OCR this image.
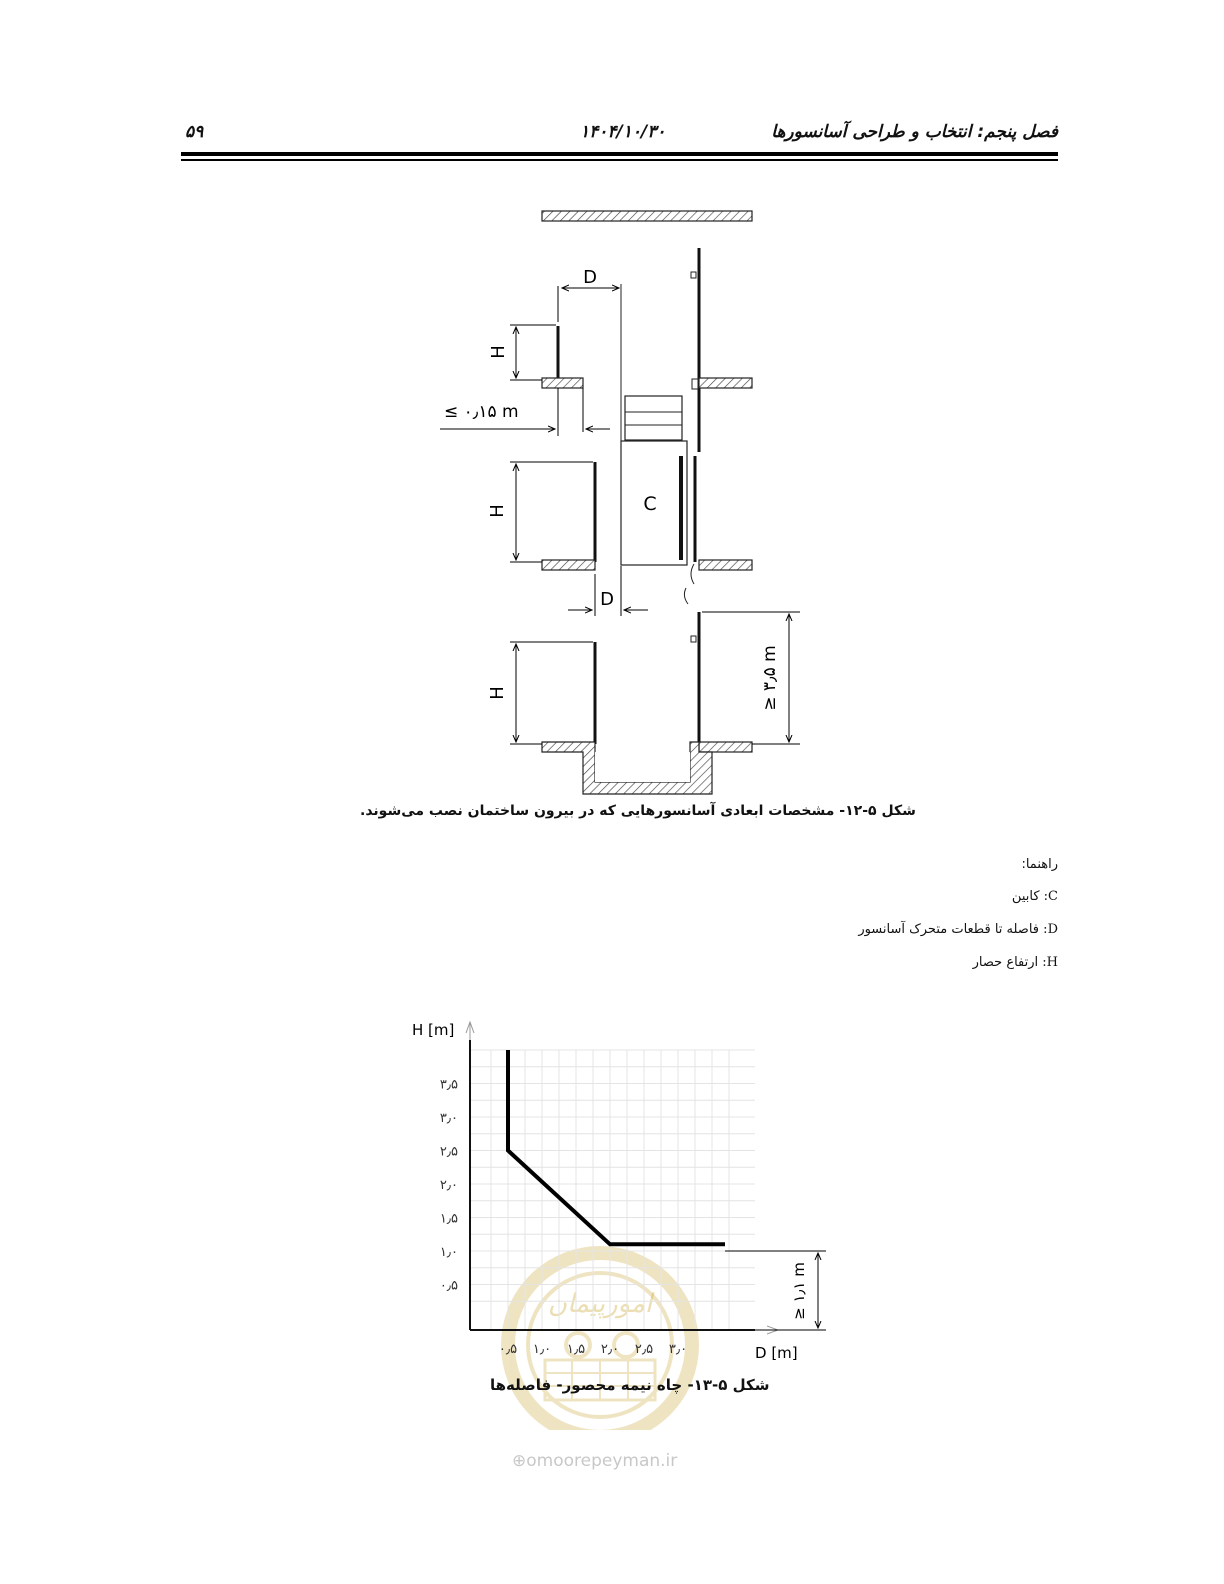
فصل پنجم: انتخاب و طراحی آسانسورها
۱۴۰۴/۱۰/۳۰
۵۹
D
H
≤ ۰٫۱۵ m
H	C
D
H	≥ ۳٫۵ m
شکل ۵-۱۲- مشخصات ابعادی آسانسورهایی که در بیرون ساختمان نصب می‌شوند.
راهنما:
C: کابین
D: فاصله تا قطعات متحرک آسانسور
H: ارتفاع حصار
امورپیمان
۰٫۵
۱٫۰
۱٫۵
۲٫۰
۲٫۵
۳٫۰
۳٫۵
۰٫۵ ۱٫۰ ۱٫۵ ۲٫۰ ۲٫۵ ۳٫۰
H [m]
D [m]
≥ ۱٫۱ m
شکل ۵-۱۳- چاه نیمه محصور- فاصله‌ها
⊕omoorepeyman.ir
